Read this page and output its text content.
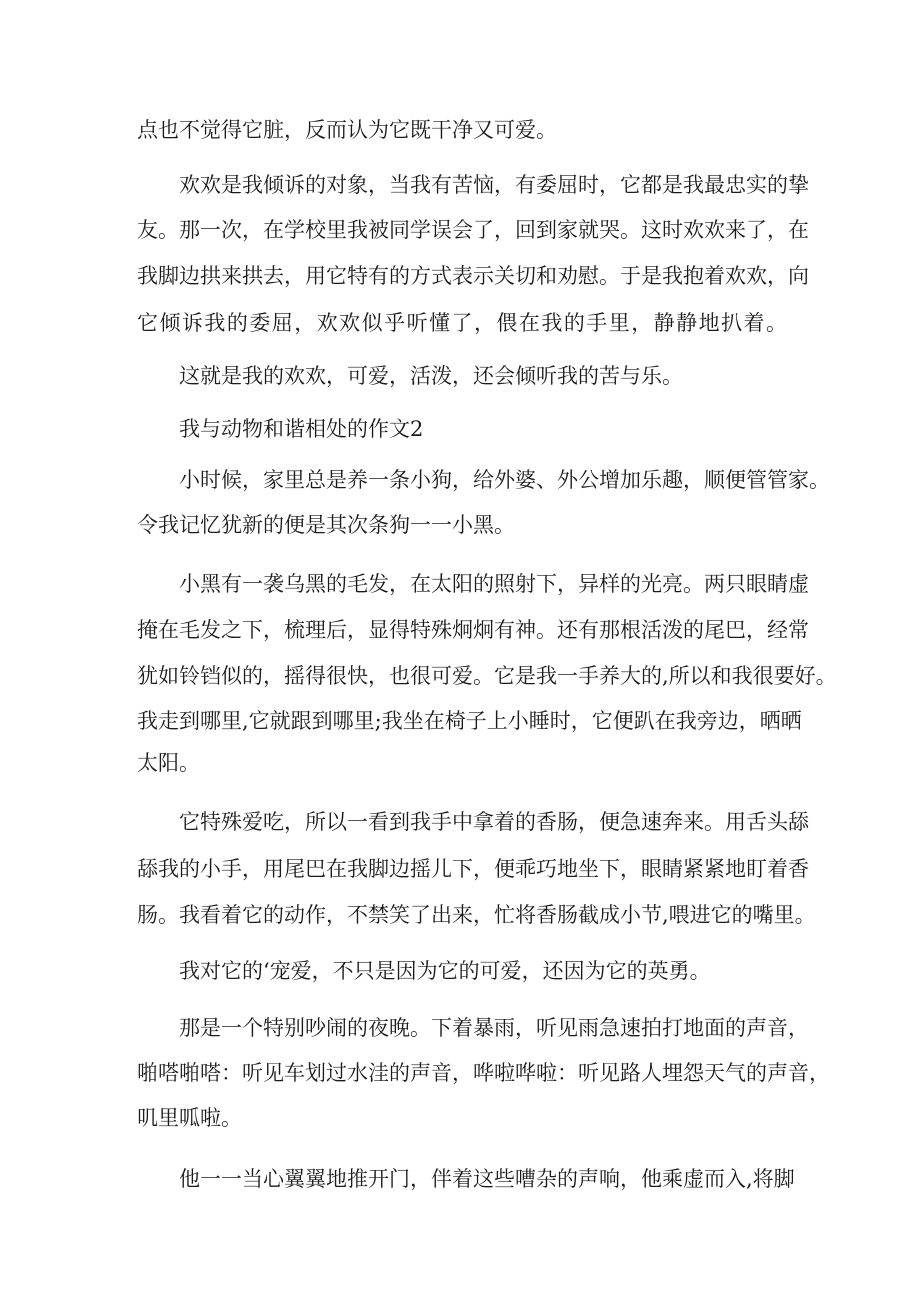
点也不觉得它脏，反而认为它既干净又可爱。
欢欢是我倾诉的对象，当我有苦恼，有委屈时，它都是我最忠实的挚
友。那一次，在学校里我被同学误会了，回到家就哭。这时欢欢来了，在
我脚边拱来拱去，用它特有的方式表示关切和劝慰。于是我抱着欢欢，向
它倾诉我的委屈，欢欢似乎听懂了，偎在我的手里，静静地扒着。
这就是我的欢欢，可爱，活泼，还会倾听我的苦与乐。
我与动物和谐相处的作文2
小时候，家里总是养一条小狗，给外婆、外公增加乐趣，顺便管管家。
令我记忆犹新的便是其次条狗一一小黑。
小黑有一袭乌黑的毛发，在太阳的照射下，异样的光亮。两只眼睛虚
掩在毛发之下，梳理后，显得特殊炯炯有神。还有那根活泼的尾巴，经常
犹如铃铛似的，摇得很快，也很可爱。它是我一手养大的,所以和我很要好。
我走到哪里,它就跟到哪里;我坐在椅子上小睡时，它便趴在我旁边，晒晒
太阳。
它特殊爱吃，所以一看到我手中拿着的香肠，便急速奔来。用舌头舔
舔我的小手，用尾巴在我脚边摇儿下，便乖巧地坐下，眼睛紧紧地盯着香
肠。我看着它的动作，不禁笑了出来，忙将香肠截成小节,喂进它的嘴里。
我对它的‘宠爱，不只是因为它的可爱，还因为它的英勇。
那是一个特别吵闹的夜晚。下着暴雨，听见雨急速拍打地面的声音，
啪嗒啪嗒：听见车划过水洼的声音，哗啦哗啦：听见路人埋怨天气的声音，
叽里呱啦。
他一一当心翼翼地推开门，伴着这些嘈杂的声响，他乘虚而入,将脚
